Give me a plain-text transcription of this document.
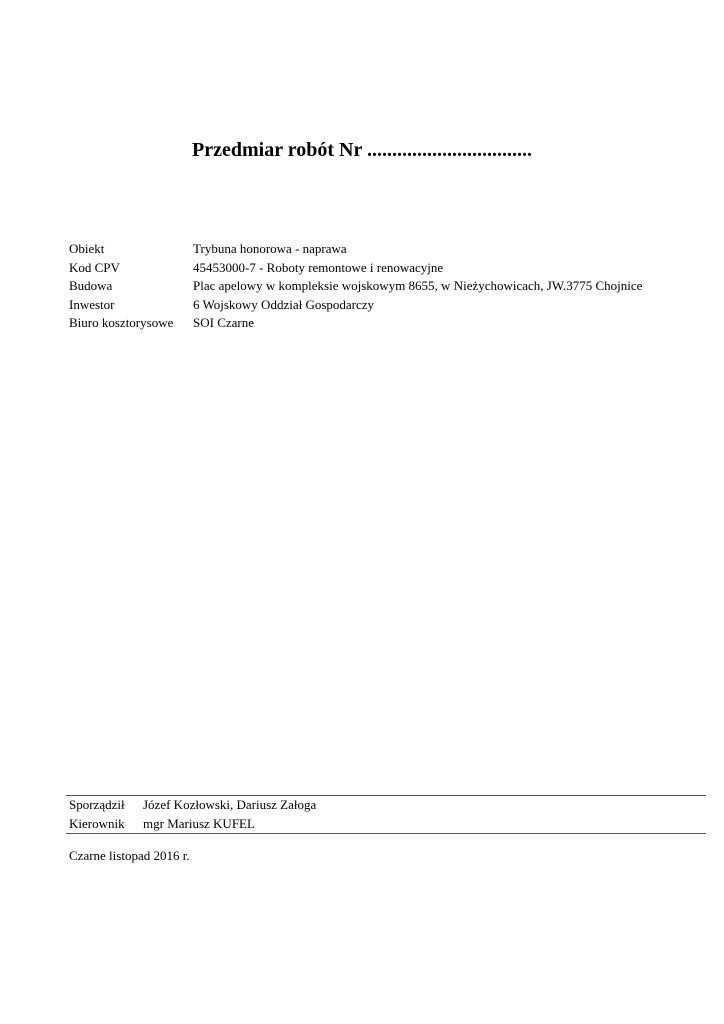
Przedmiar robót Nr .................................
Obiekt	Trybuna honorowa - naprawa
Kod CPV	45453000-7 - Roboty remontowe i renowacyjne
Budowa	Plac apelowy w kompleksie wojskowym 8655, w Nieżychowicach, JW.3775 Chojnice
Inwestor	6 Wojskowy Oddział Gospodarczy
Biuro kosztorysowe	SOI Czarne
Sporządził	Józef Kozłowski, Dariusz Załoga
Kierownik	mgr Mariusz KUFEL
Czarne listopad 2016 r.
